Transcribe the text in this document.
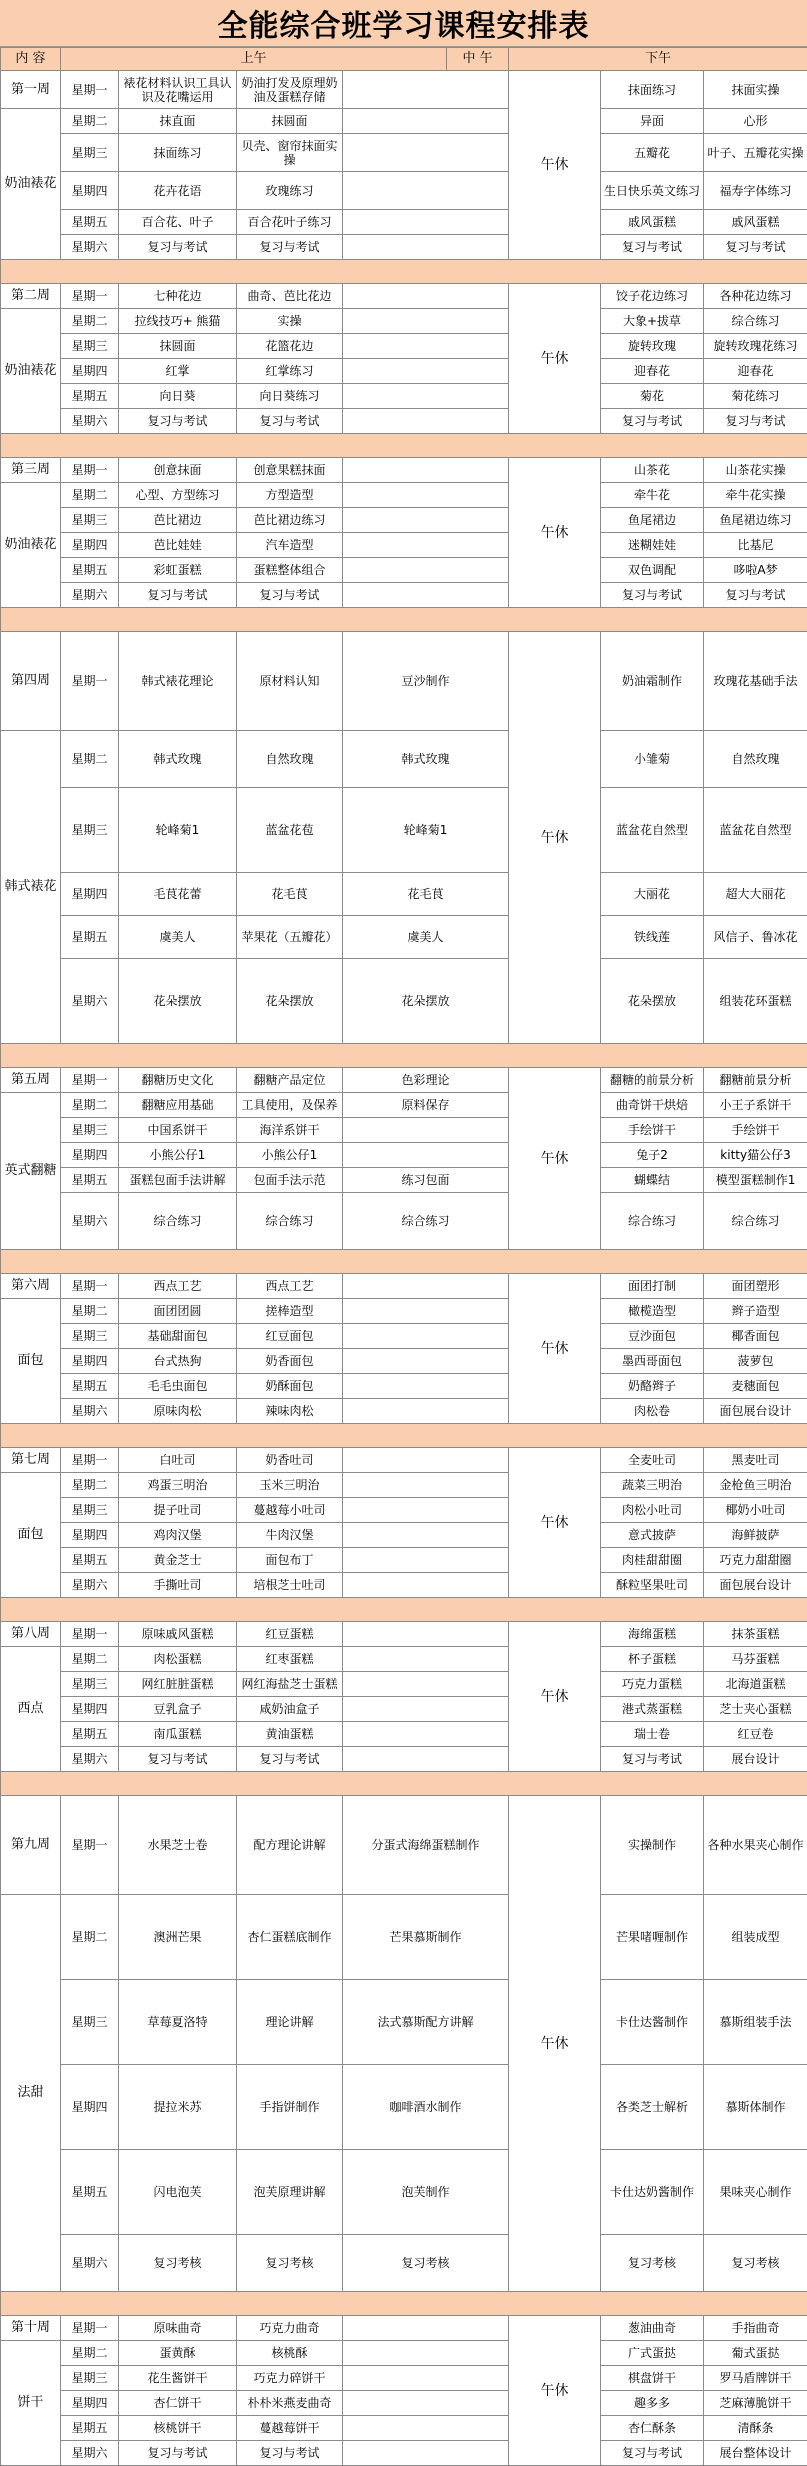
全能综合班学习课程安排表
内 容	上午				中 午	下午			
第一周	星期一	裱花材料认识工具认识及花嘴运用	奶油打发及原理奶油及蛋糕存储			午休	抹面练习	抹面实操	
奶油裱花	星期二	抹直面	抹圆面				异面	心形	
	星期三	抹面练习	贝壳、窗帘抹面实操				五瓣花	叶子、五瓣花实操	
	星期四	花卉花语	玫瑰练习				生日快乐英文练习	福寿字体练习	
	星期五	百合花、叶子	百合花叶子练习				戚风蛋糕	戚风蛋糕	
	星期六	复习与考试	复习与考试				复习与考试	复习与考试	

第二周	星期一	七种花边	曲奇、芭比花边			午休	饺子花边练习	各种花边练习	
奶油裱花	星期二	拉线技巧+ 熊猫	实操				大象+拔草	综合练习	
	星期三	抹圆面	花篮花边				旋转玫瑰	旋转玫瑰花练习	
	星期四	红掌	红掌练习				迎春花	迎春花	
	星期五	向日葵	向日葵练习				菊花	菊花练习	
	星期六	复习与考试	复习与考试				复习与考试	复习与考试	

第三周	星期一	创意抹面	创意果糕抹面			午休	山茶花	山茶花实操	
奶油裱花	星期二	心型、方型练习	方型造型				牵牛花	牵牛花实操	
	星期三	芭比裙边	芭比裙边练习				鱼尾裙边	鱼尾裙边练习	
	星期四	芭比娃娃	汽车造型				迷糊娃娃	比基尼	
	星期五	彩虹蛋糕	蛋糕整体组合				双色调配	哆啦A梦	
	星期六	复习与考试	复习与考试				复习与考试	复习与考试	

第四周	星期一	韩式裱花理论	原材料认知	豆沙制作		午休	奶油霜制作	玫瑰花基础手法	
韩式裱花	星期二	韩式玫瑰	自然玫瑰	韩式玫瑰			小雏菊	自然玫瑰	
	星期三	轮峰菊1	蓝盆花苞	轮峰菊1			蓝盆花自然型	蓝盆花自然型	
	星期四	毛茛花蕾	花毛茛	花毛茛			大丽花	超大大丽花	
	星期五	虞美人	苹果花（五瓣花）	虞美人			铁线莲	风信子、鲁冰花	
	星期六	花朵摆放	花朵摆放	花朵摆放			花朵摆放	组装花环蛋糕	

第五周	星期一	翻糖历史文化	翻糖产品定位	色彩理论		午休	翻糖的前景分析	翻糖前景分析	
英式翻糖	星期二	翻糖应用基础	工具使用，及保养	原料保存			曲奇饼干烘焙	小王子系饼干	
	星期三	中国系饼干	海洋系饼干				手绘饼干	手绘饼干	
	星期四	小熊公仔1	小熊公仔1				兔子2	kitty猫公仔3	
	星期五	蛋糕包面手法讲解	包面手法示范	练习包面			蝴蝶结	模型蛋糕制作1	
	星期六	综合练习	综合练习	综合练习			综合练习	综合练习	

第六周	星期一	西点工艺	西点工艺			午休	面团打制	面团塑形	
面包	星期二	面团团圆	搓棒造型				橄榄造型	辫子造型	
	星期三	基础甜面包	红豆面包				豆沙面包	椰香面包	
	星期四	台式热狗	奶香面包				墨西哥面包	菠萝包	
	星期五	毛毛虫面包	奶酥面包				奶酪辫子	麦穗面包	
	星期六	原味肉松	辣味肉松				肉松卷	面包展台设计	

第七周	星期一	白吐司	奶香吐司			午休	全麦吐司	黑麦吐司	
面包	星期二	鸡蛋三明治	玉米三明治				蔬菜三明治	金枪鱼三明治	
	星期三	提子吐司	蔓越莓小吐司				肉松小吐司	椰奶小吐司	
	星期四	鸡肉汉堡	牛肉汉堡				意式披萨	海鲜披萨	
	星期五	黄金芝士	面包布丁				肉桂甜甜圈	巧克力甜甜圈	
	星期六	手撕吐司	培根芝士吐司				酥粒坚果吐司	面包展台设计	

第八周	星期一	原味戚风蛋糕	红豆蛋糕			午休	海绵蛋糕	抹茶蛋糕	
西点	星期二	肉松蛋糕	红枣蛋糕				杯子蛋糕	马芬蛋糕	
	星期三	网红脏脏蛋糕	网红海盐芝士蛋糕				巧克力蛋糕	北海道蛋糕	
	星期四	豆乳盒子	咸奶油盒子				港式蒸蛋糕	芝士夹心蛋糕	
	星期五	南瓜蛋糕	黄油蛋糕				瑞士卷	红豆卷	
	星期六	复习与考试	复习与考试				复习与考试	展台设计	

第九周	星期一	水果芝士卷	配方理论讲解	分蛋式海绵蛋糕制作		午休	实操制作	各种水果夹心制作	
法甜	星期二	澳洲芒果	杏仁蛋糕底制作	芒果慕斯制作			芒果啫喱制作	组装成型	
	星期三	草莓夏洛特	理论讲解	法式慕斯配方讲解			卡仕达酱制作	慕斯组装手法	
	星期四	提拉米苏	手指饼制作	咖啡酒水制作			各类芝士解析	慕斯体制作	
	星期五	闪电泡芙	泡芙原理讲解	泡芙制作			卡仕达奶酱制作	果味夹心制作	
	星期六	复习考核	复习考核	复习考核			复习考核	复习考核	

第十周	星期一	原味曲奇	巧克力曲奇			午休	葱油曲奇	手指曲奇	
饼干	星期二	蛋黄酥	核桃酥				广式蛋挞	葡式蛋挞	
	星期三	花生酱饼干	巧克力碎饼干				棋盘饼干	罗马盾牌饼干	
	星期四	杏仁饼干	朴朴米燕麦曲奇				趣多多	芝麻薄脆饼干	
	星期五	核桃饼干	蔓越莓饼干				杏仁酥条	清酥条	
	星期六	复习与考试	复习与考试				复习与考试	展台整体设计	
